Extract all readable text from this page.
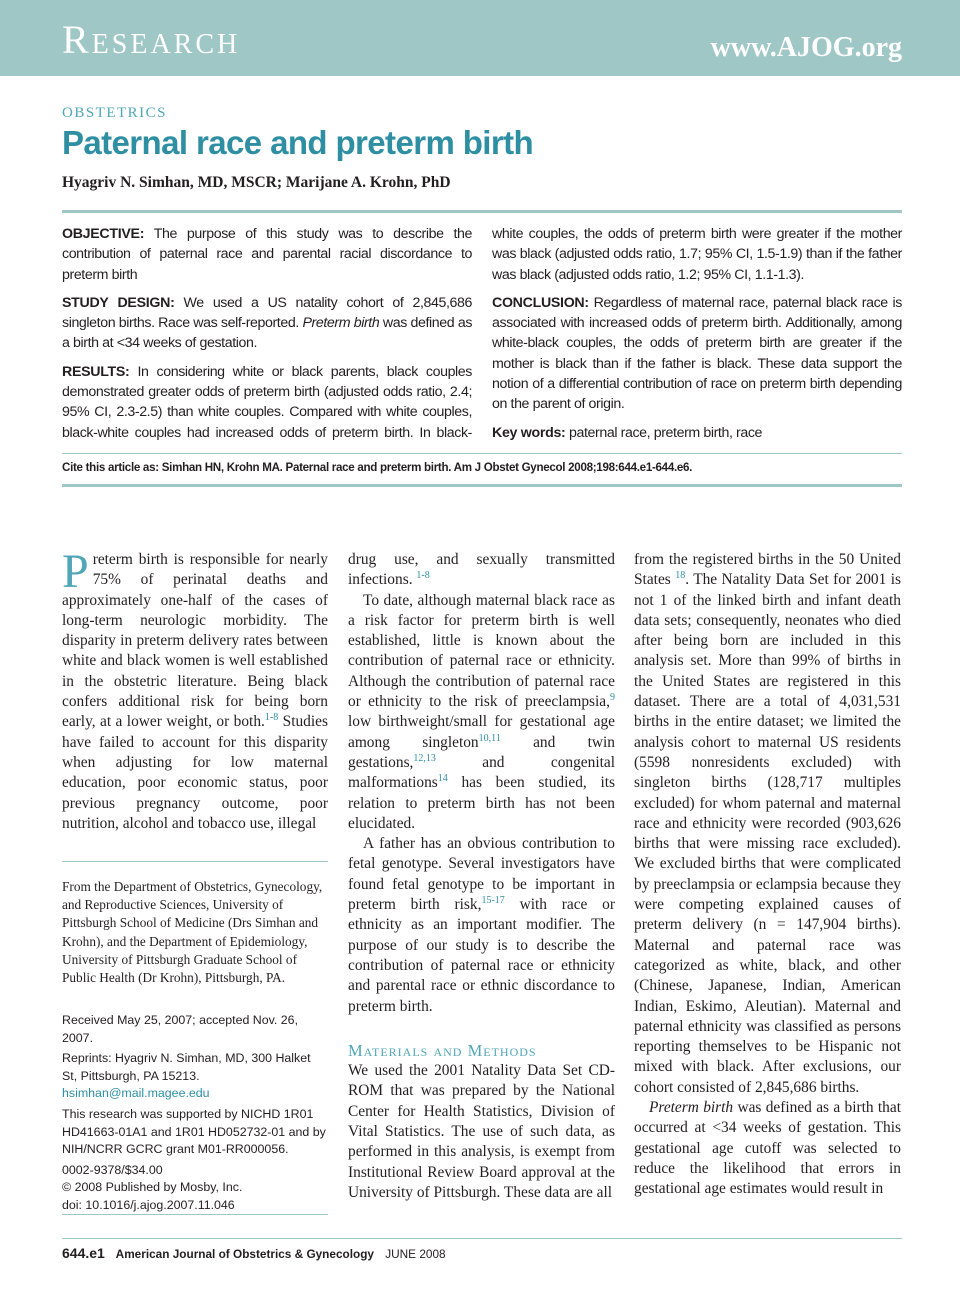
Research	www.AJOG.org
obstetrics
Paternal race and preterm birth
Hyagriv N. Simhan, MD, MSCR; Marijane A. Krohn, PhD

OBJECTIVE: The purpose of this study was to describe the contribution of paternal race and parental racial discordance to preterm birth

STUDY DESIGN: We used a US natality cohort of 2,845,686 singleton births. Race was self-reported. Preterm birth was defined as a birth at <34 weeks of gestation.

RESULTS: In considering white or black parents, black couples demonstrated greater odds of preterm birth (adjusted odds ratio, 2.4; 95% CI, 2.3-2.5) than white couples. Compared with white couples, black-white couples had increased odds of preterm birth. In black-white couples, the odds of preterm birth were greater if the mother was black (adjusted odds ratio, 1.7; 95% CI, 1.5-1.9) than if the father was black (adjusted odds ratio, 1.2; 95% CI, 1.1-1.3).

CONCLUSION: Regardless of maternal race, paternal black race is associated with increased odds of preterm birth. Additionally, among white-black couples, the odds of preterm birth are greater if the mother is black than if the father is black. These data support the notion of a differential contribution of race on preterm birth depending on the parent of origin.

Key words: paternal race, preterm birth, race

Cite this article as: Simhan HN, Krohn MA. Paternal race and preterm birth. Am J Obstet Gynecol 2008;198:644.e1-644.e6.

Preterm birth is responsible for nearly 75% of perinatal deaths and approximately one-half of the cases of long-term neurologic morbidity. The disparity in preterm delivery rates between white and black women is well established in the obstetric literature. Being black confers additional risk for being born early, at a lower weight, or both.$^{1-8}$ Studies have failed to account for this disparity when adjusting for low maternal education, poor economic status, poor previous pregnancy outcome, poor nutrition, alcohol and tobacco use, illegal

From the Department of Obstetrics, Gynecology, and Reproductive Sciences, University of Pittsburgh School of Medicine (Drs Simhan and Krohn), and the Department of Epidemiology, University of Pittsburgh Graduate School of Public Health (Dr Krohn), Pittsburgh, PA.

Received May 25, 2007; accepted Nov. 26, 2007.

Reprints: Hyagriv N. Simhan, MD, 300 Halket St, Pittsburgh, PA 15213.
hsimhan@mail.magee.edu

This research was supported by NICHD 1R01 HD41663-01A1 and 1R01 HD052732-01 and by NIH/NCRR GCRC grant M01-RR000056.

0002-9378/$34.00
© 2008 Published by Mosby, Inc.
doi: 10.1016/j.ajog.2007.11.046

drug use, and sexually transmitted infections. $^{1-8}$

To date, although maternal black race as a risk factor for preterm birth is well established, little is known about the contribution of paternal race or ethnicity. Although the contribution of paternal race or ethnicity to the risk of preeclampsia,$^9$ low birthweight/small for gestational age among singleton$^{10,11}$ and twin gestations,$^{12,13}$	and congenital malformations$^{14}$ has been studied, its relation to preterm birth has not been elucidated.

A father has an obvious contribution to fetal genotype. Several investigators have found fetal genotype to be important in preterm birth risk,$^{15-17}$ with race or ethnicity as an important modifier. The purpose of our study is to describe the contribution of paternal race or ethnicity and parental race or ethnic discordance to preterm birth.

Materials and Methods

We used the 2001 Natality Data Set CD-ROM that was prepared by the National Center for Health Statistics, Division of Vital Statistics. The use of such data, as performed in this analysis, is exempt from Institutional Review Board approval at the University of Pittsburgh. These data are all

from the registered births in the 50 United States $^{18}$. The Natality Data Set for 2001 is not 1 of the linked birth and infant death data sets; consequently, neonates who died after being born are included in this analysis set. More than 99% of births in the United States are registered in this dataset. There are a total of 4,031,531 births in the entire dataset; we limited the analysis cohort to maternal US residents (5598 nonresidents excluded) with singleton births (128,717 multiples excluded) for whom paternal and maternal race and ethnicity were recorded (903,626 births that were missing race excluded). We excluded births that were complicated by preeclampsia or eclampsia because they were competing explained causes of preterm delivery (n = 147,904 births). Maternal and paternal race was categorized as white, black, and other (Chinese, Japanese, Indian, American Indian, Eskimo, Aleutian). Maternal and paternal ethnicity was classified as persons reporting themselves to be Hispanic not mixed with black. After exclusions, our cohort consisted of 2,845,686 births.

Preterm birth was defined as a birth that occurred at <34 weeks of gestation. This gestational age cutoff was selected to reduce the likelihood that errors in gestational age estimates would result in

644.e1 American Journal of Obstetrics & Gynecology JUNE 2008
